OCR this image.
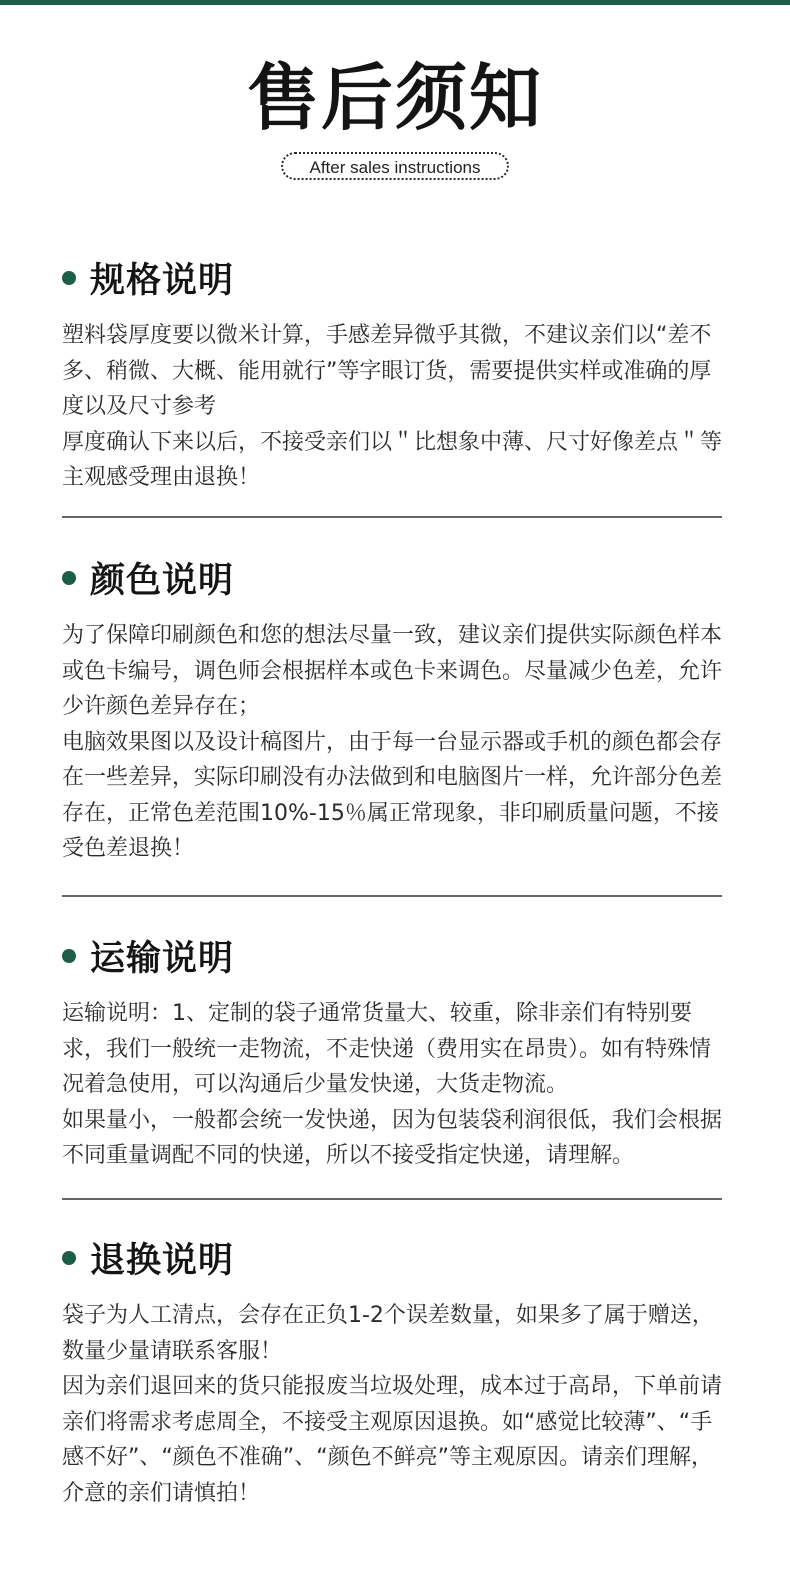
售后须知
After sales instructions
规格说明

塑料袋厚度要以微米计算，手感差异微乎其微，不建议亲们以“差不多、稍微、大概、能用就行”等字眼订货，需要提供实样或准确的厚度以及尺寸参考

厚度确认下来以后，不接受亲们以＂比想象中薄、尺寸好像差点＂等主观感受理由退换！

颜色说明

为了保障印刷颜色和您的想法尽量一致，建议亲们提供实际颜色样本或色卡编号，调色师会根据样本或色卡来调色。尽量减少色差，允许少许颜色差异存在；

电脑效果图以及设计稿图片，由于每一台显示器或手机的颜色都会存在一些差异，实际印刷没有办法做到和电脑图片一样，允许部分色差存在，正常色差范围10%-15％属正常现象，非印刷质量问题，不接受色差退换！

运输说明

运输说明：1、定制的袋子通常货量大、较重，除非亲们有特别要求，我们一般统一走物流，不走快递（费用实在昂贵）。如有特殊情况着急使用，可以沟通后少量发快递，大货走物流。

如果量小，一般都会统一发快递，因为包装袋利润很低，我们会根据不同重量调配不同的快递，所以不接受指定快递，请理解。

退换说明

袋子为人工清点，会存在正负1-2个误差数量，如果多了属于赠送，数量少量请联系客服！

因为亲们退回来的货只能报废当垃圾处理，成本过于高昂，下单前请亲们将需求考虑周全，不接受主观原因退换。如“感觉比较薄”、“手感不好”、“颜色不准确”、“颜色不鲜亮”等主观原因。请亲们理解，介意的亲们请慎拍！
